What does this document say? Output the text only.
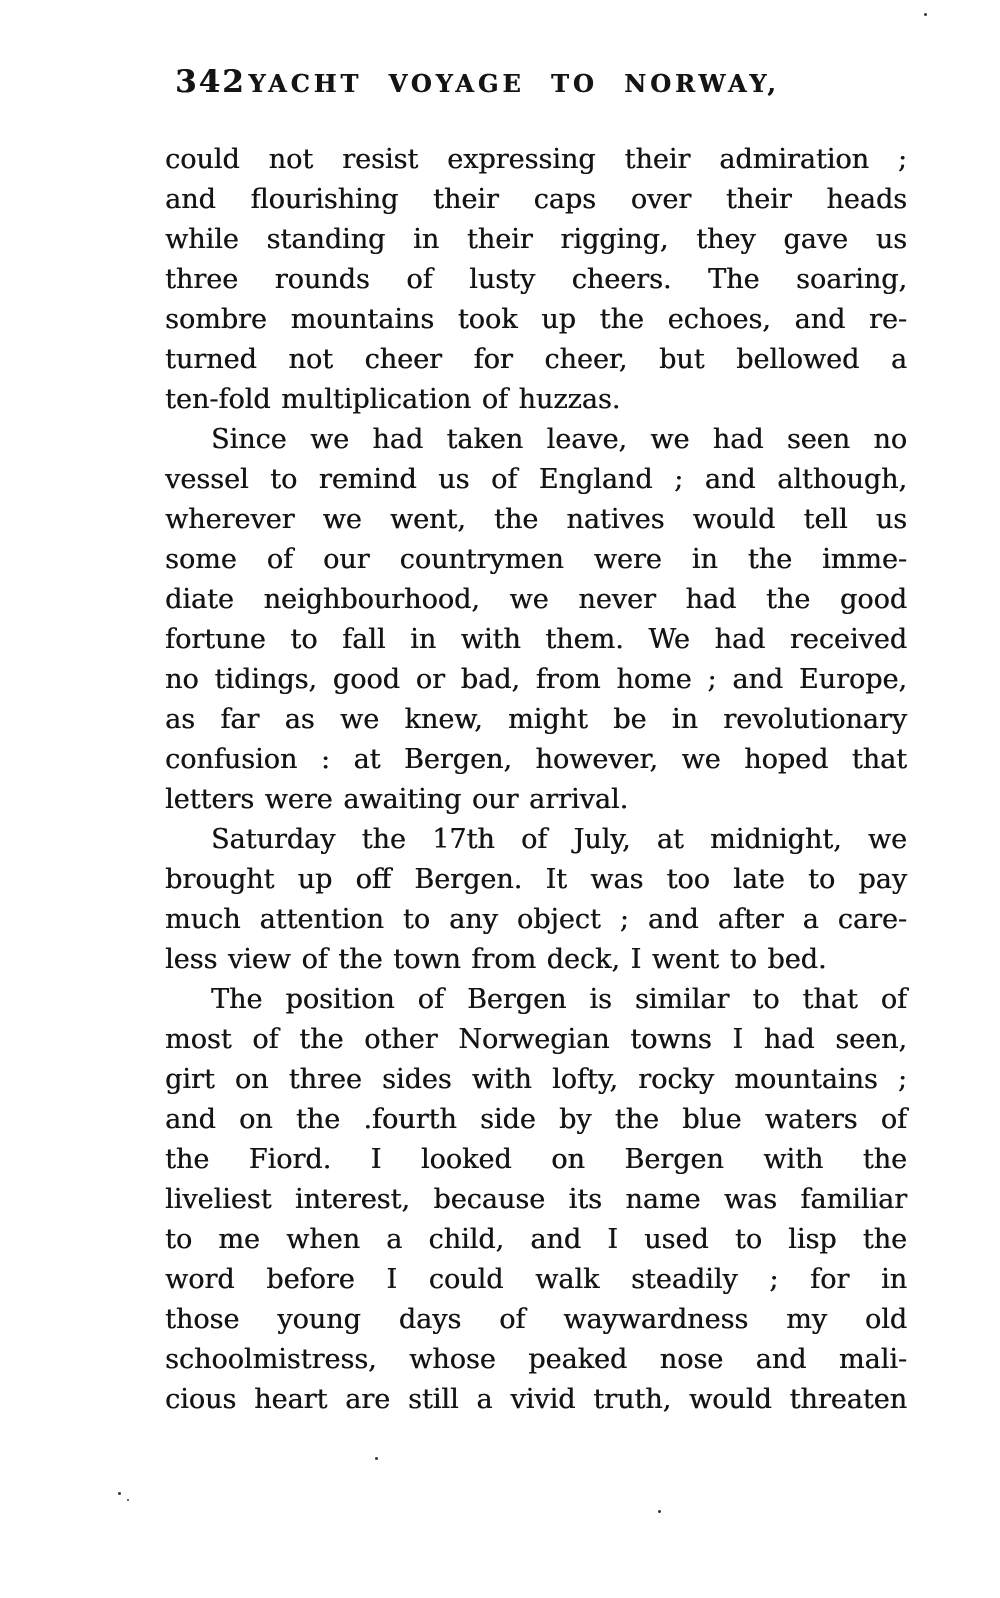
342 YACHT VOYAGE TO NORWAY,
could not resist expressing their admiration ;
and flourishing their caps over their heads
while standing in their rigging, they gave us
three rounds of lusty cheers. The soaring,
sombre mountains took up the echoes, and re-
turned not cheer for cheer, but bellowed a
ten-fold multiplication of huzzas.
Since we had taken leave, we had seen no
vessel to remind us of England ; and although,
wherever we went, the natives would tell us
some of our countrymen were in the imme-
diate neighbourhood, we never had the good
fortune to fall in with them. We had received
no tidings, good or bad, from home ; and Europe,
as far as we knew, might be in revolutionary
confusion : at Bergen, however, we hoped that
letters were awaiting our arrival.
Saturday the 17th of July, at midnight, we
brought up off Bergen. It was too late to pay
much attention to any object ; and after a care-
less view of the town from deck, I went to bed.
The position of Bergen is similar to that of
most of the other Norwegian towns I had seen,
girt on three sides with lofty, rocky mountains ;
and on the .fourth side by the blue waters of
the Fiord. I looked on Bergen with the
liveliest interest, because its name was familiar
to me when a child, and I used to lisp the
word before I could walk steadily ; for in
those young days of waywardness my old
schoolmistress, whose peaked nose and mali-
cious heart are still a vivid truth, would threaten
